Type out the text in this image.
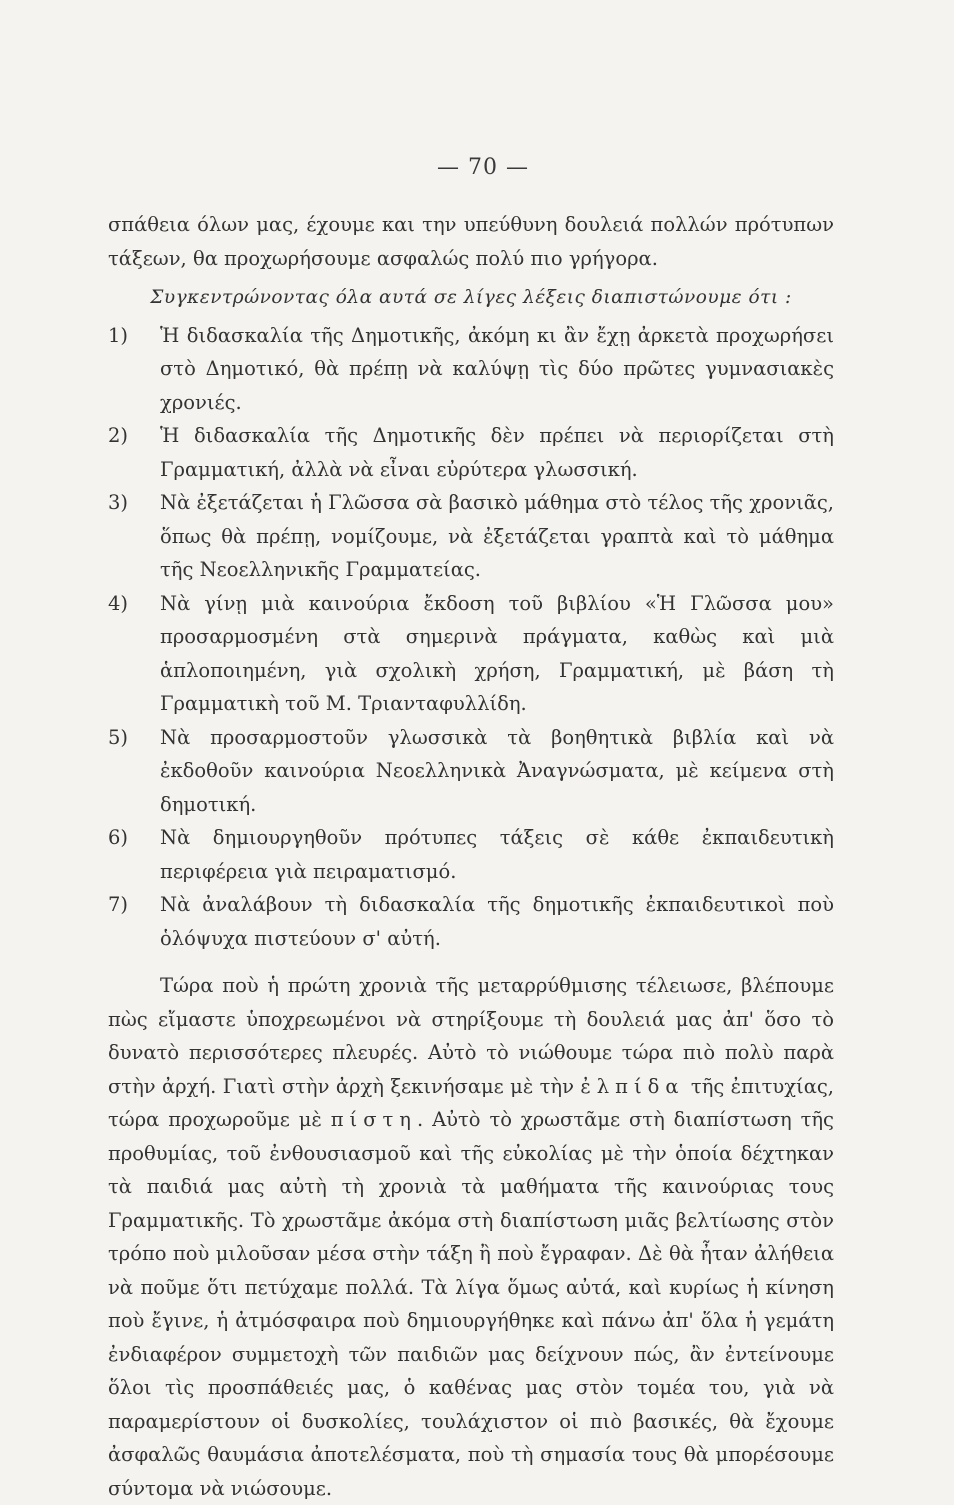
— 70 —

σπάθεια όλων μας, έχουμε και την υπεύθυνη δουλειά πολλών πρότυπων τάξεων, θα προχωρήσουμε ασφαλώς πολύ πιο γρήγορα.

Συγκεντρώνοντας όλα αυτά σε λίγες λέξεις διαπιστώνουμε ότι :

1)	Ἡ διδασκαλία τῆς Δημοτικῆς, ἀκόμη κι ἂν ἔχῃ ἀρκετὰ προχωρήσει στὸ Δημοτικό, θὰ πρέπῃ νὰ καλύψῃ τὶς δύο πρῶτες γυμνασιακὲς χρονιές.
2)	Ἡ διδασκαλία τῆς Δημοτικῆς δὲν πρέπει νὰ περιορίζεται στὴ Γραμματική, ἀλλὰ νὰ εἶναι εὐρύτερα γλωσσική.
3)	Νὰ ἐξετάζεται ἡ Γλῶσσα σὰ βασικὸ μάθημα στὸ τέλος τῆς χρονιᾶς, ὅπως θὰ πρέπῃ, νομίζουμε, νὰ ἐξετάζεται γραπτὰ καὶ τὸ μάθημα τῆς Νεοελληνικῆς Γραμματείας.
4)	Νὰ γίνῃ μιὰ καινούρια ἔκδοση τοῦ βιβλίου «Ἡ Γλῶσσα μου» προσαρμοσμένη στὰ σημερινὰ πράγματα, καθὼς καὶ μιὰ ἁπλοποιημένη, γιὰ σχολικὴ χρήση, Γραμματική, μὲ βάση τὴ Γραμματικὴ τοῦ Μ. Τριανταφυλλίδη.
5)	Νὰ προσαρμοστοῦν γλωσσικὰ τὰ βοηθητικὰ βιβλία καὶ νὰ ἐκδοθοῦν καινούρια Νεοελληνικὰ Ἀναγνώσματα, μὲ κείμενα στὴ δημοτική.
6)	Νὰ δημιουργηθοῦν πρότυπες τάξεις σὲ κάθε ἐκπαιδευτικὴ περιφέρεια γιὰ πειραματισμό.
7)	Νὰ ἀναλάβουν τὴ διδασκαλία τῆς δημοτικῆς ἐκπαιδευτικοὶ ποὺ ὁλόψυχα πιστεύουν σ' αὐτή.

Τώρα ποὺ ἡ πρώτη χρονιὰ τῆς μεταρρύθμισης τέλειωσε, βλέπουμε πὼς εἴμαστε ὑποχρεωμένοι νὰ στηρίξουμε τὴ δουλειά μας ἀπ' ὅσο τὸ δυνατὸ περισσότερες πλευρές. Αὐτὸ τὸ νιώθουμε τώρα πιὸ πολὺ παρὰ στὴν ἀρχή. Γιατὶ στὴν ἀρχὴ ξεκινήσαμε μὲ τὴν ἐλπίδα τῆς ἐπιτυχίας, τώρα προχωροῦμε μὲ πίστη. Αὐτὸ τὸ χρωστᾶμε στὴ διαπίστωση τῆς προθυμίας, τοῦ ἐνθουσιασμοῦ καὶ τῆς εὐκολίας μὲ τὴν ὁποία δέχτηκαν τὰ παιδιά μας αὐτὴ τὴ χρονιὰ τὰ μαθήματα τῆς καινούριας τους Γραμματικῆς. Τὸ χρωστᾶμε ἀκόμα στὴ διαπίστωση μιᾶς βελτίωσης στὸν τρόπο ποὺ μιλοῦσαν μέσα στὴν τάξη ἢ ποὺ ἔγραφαν. Δὲ θὰ ἦταν ἀλήθεια νὰ ποῦμε ὅτι πετύχαμε πολλά. Τὰ λίγα ὅμως αὐτά, καὶ κυρίως ἡ κίνηση ποὺ ἔγινε, ἡ ἀτμόσφαιρα ποὺ δημιουργήθηκε καὶ πάνω ἀπ' ὅλα ἡ γεμάτη ἐνδιαφέρον συμμετοχὴ τῶν παιδιῶν μας δείχνουν πώς, ἂν ἐντείνουμε ὅλοι τὶς προσπάθειές μας, ὁ καθένας μας στὸν τομέα του, γιὰ νὰ παραμερίστουν οἱ δυσκολίες, τουλάχιστον οἱ πιὸ βασικές, θὰ ἔχουμε ἀσφαλῶς θαυμάσια ἀποτελέσματα, ποὺ τὴ σημασία τους θὰ μπορέσουμε σύντομα νὰ νιώσουμε.
